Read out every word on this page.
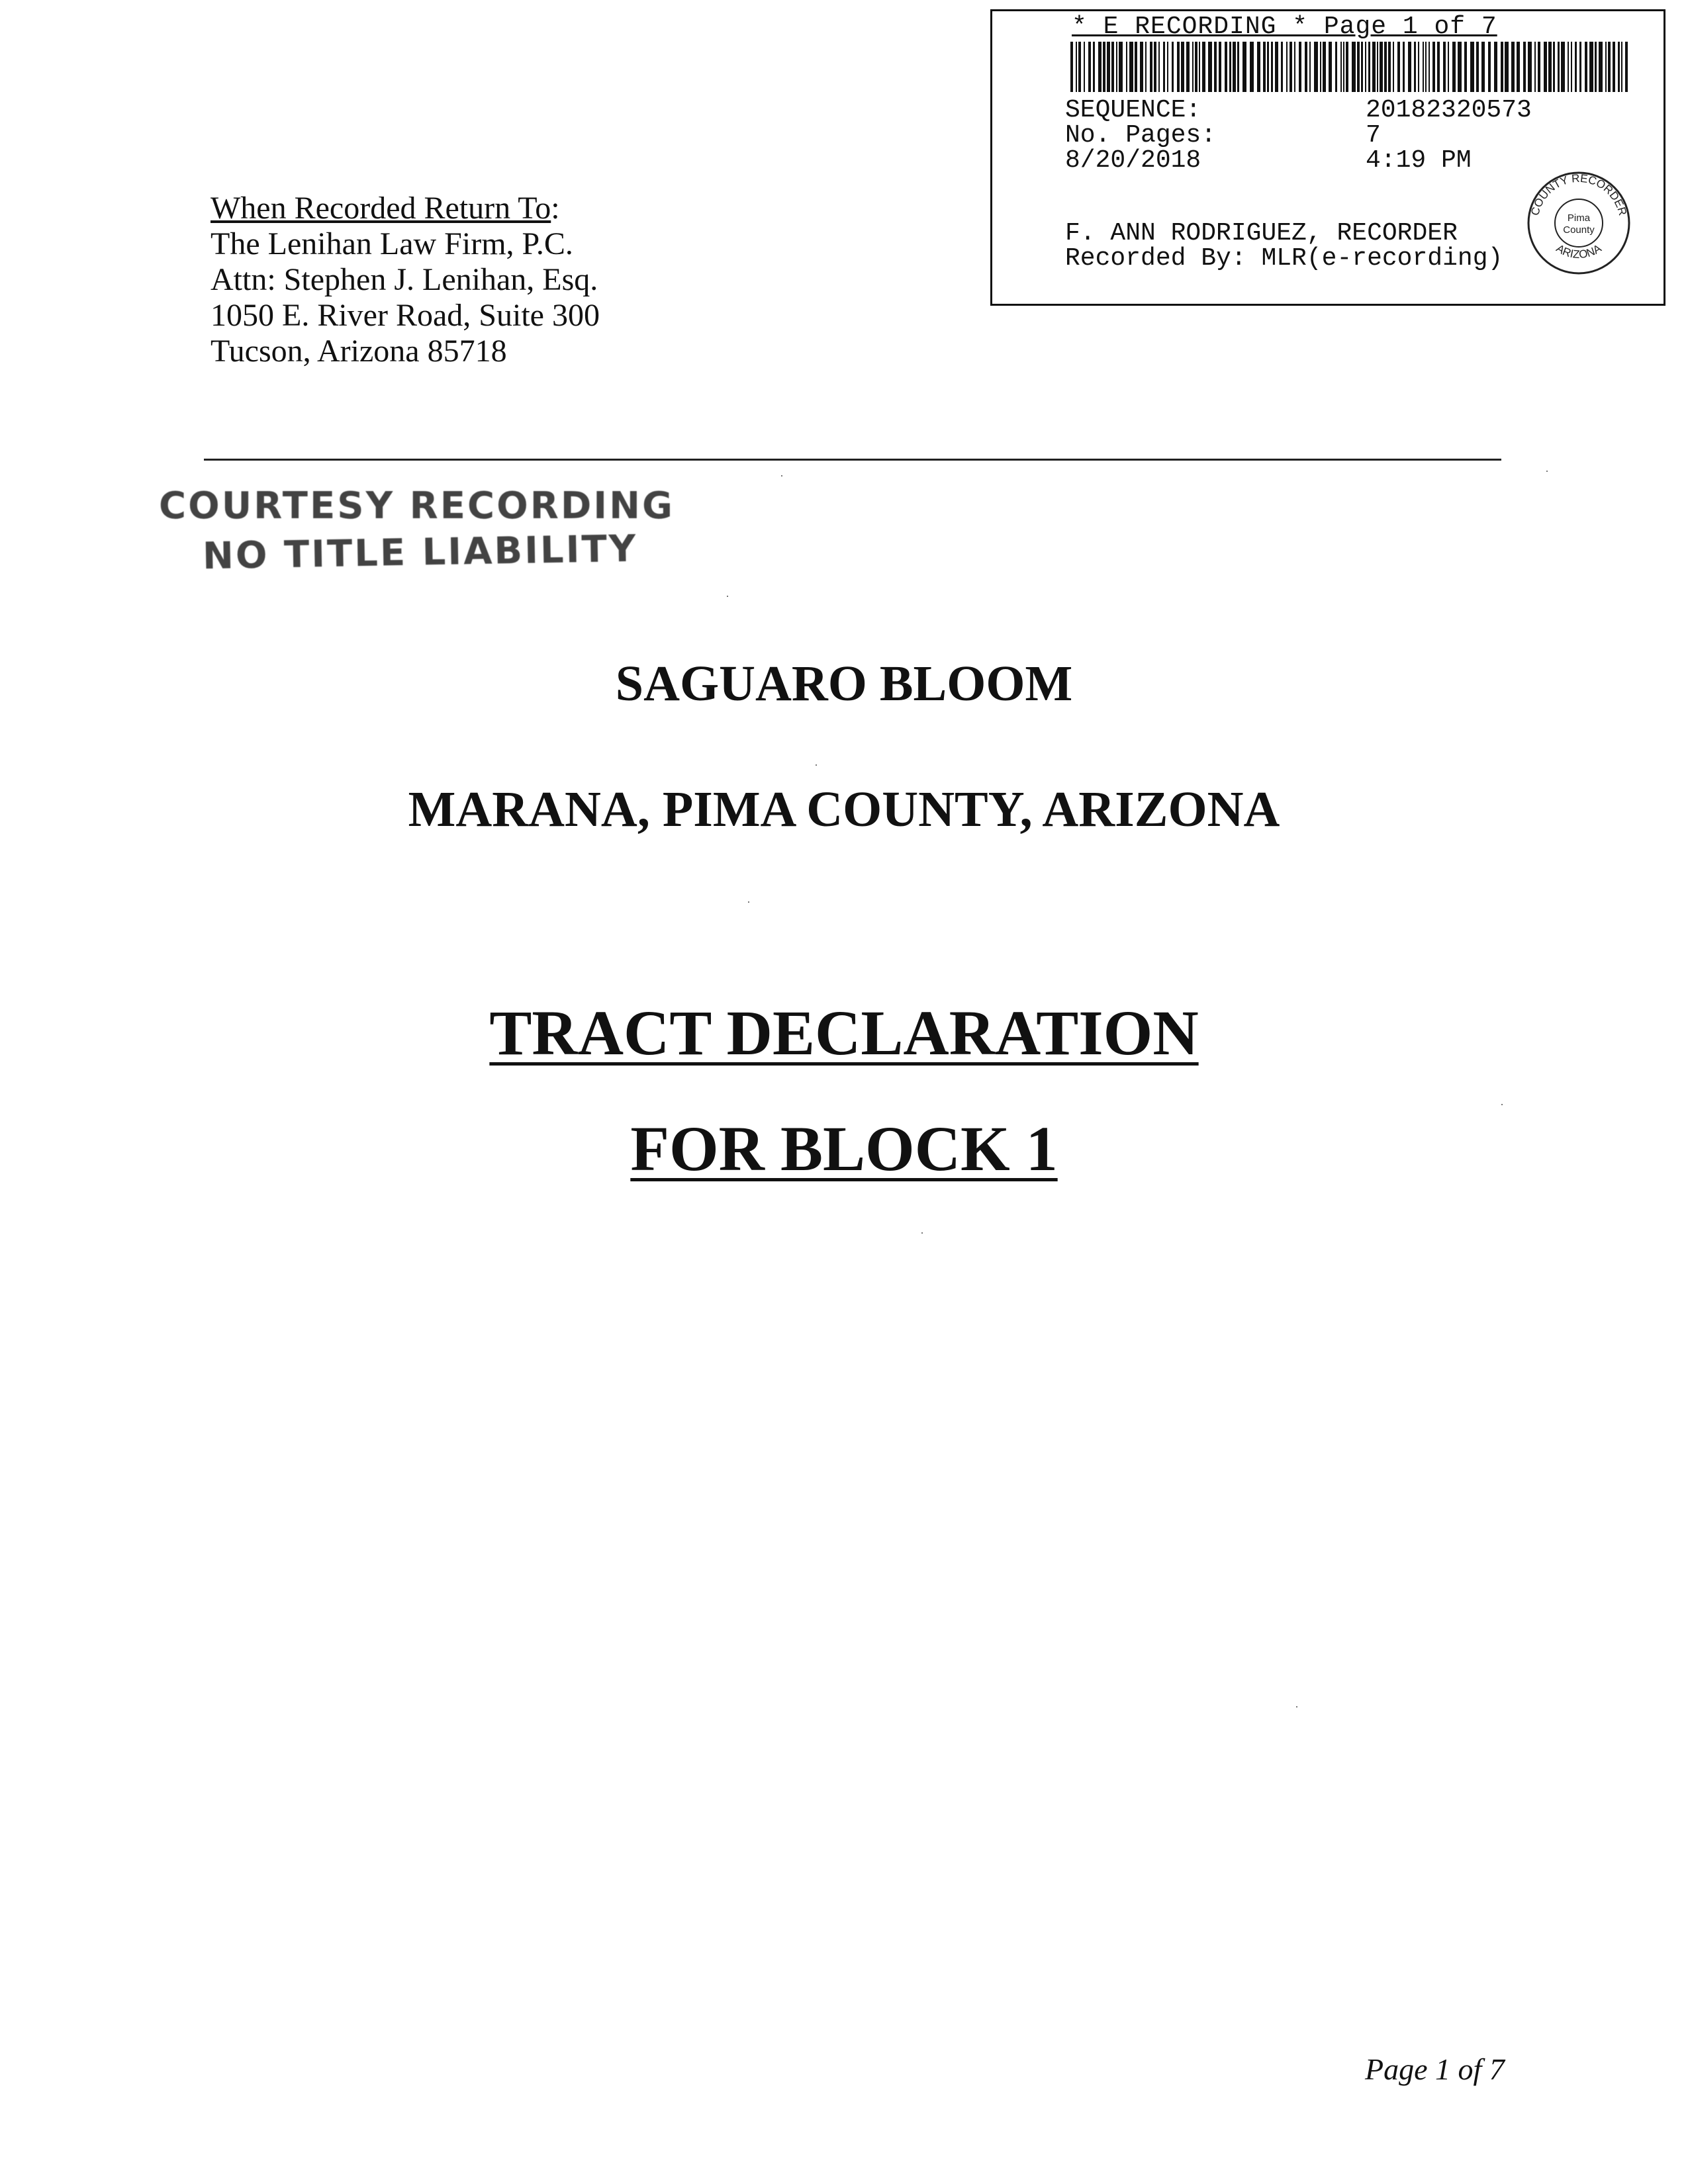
* E RECORDING * Page 1 of 7
SEQUENCE:	20182320573
No. Pages:	7
8/20/2018	4:19 PM
F. ANN RODRIGUEZ, RECORDER
Recorded By: MLR(e-recording)
COUNTY RECORDER
ARIZONA
Pima
County
When Recorded Return To:
The Lenihan Law Firm, P.C.
Attn: Stephen J. Lenihan, Esq.
1050 E. River Road, Suite 300
Tucson, Arizona 85718
COURTESY RECORDING
NO TITLE LIABILITY
SAGUARO BLOOM
MARANA, PIMA COUNTY, ARIZONA
TRACT DECLARATION
FOR BLOCK 1
Page 1 of 7
